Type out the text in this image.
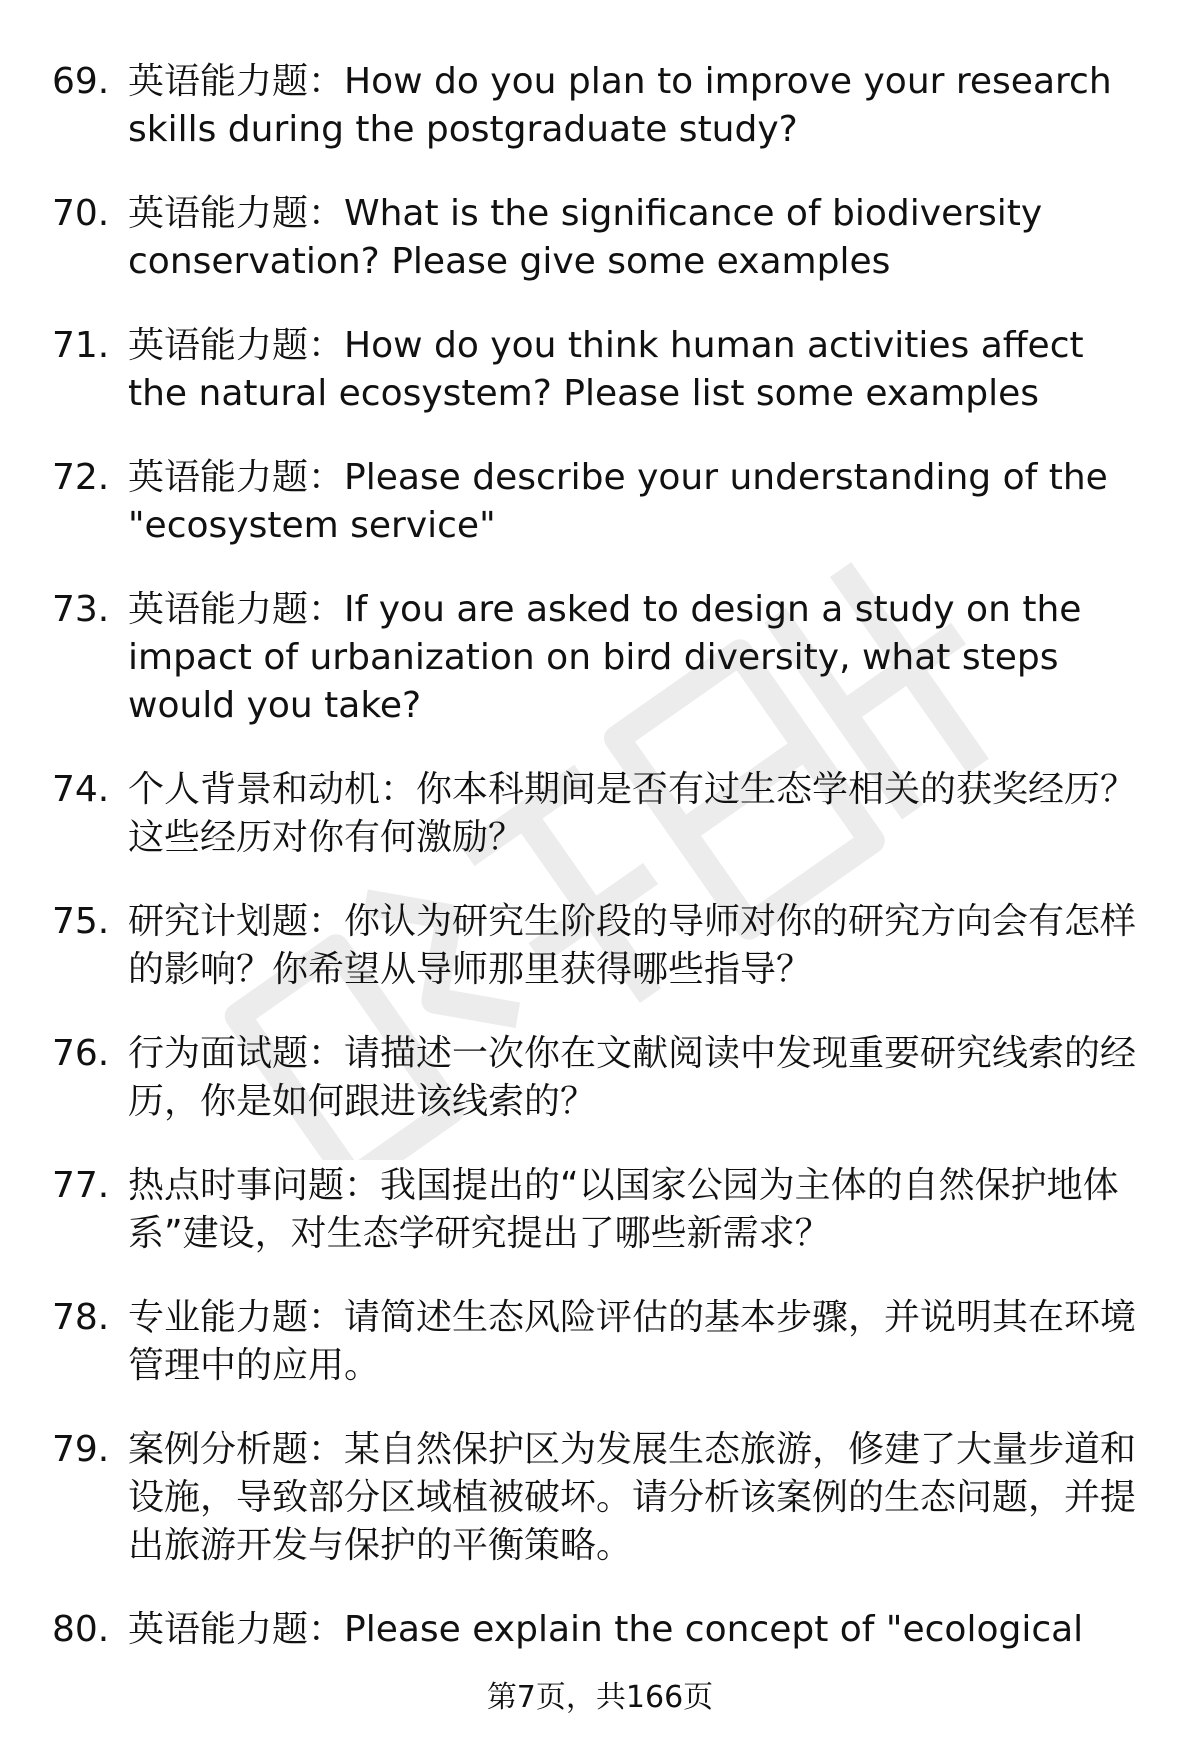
69. 英语能力题：How do you plan to improve your research skills during the postgraduate study?
70. 英语能力题：What is the significance of biodiversity conservation? Please give some examples
71. 英语能力题：How do you think human activities affect the natural ecosystem? Please list some examples
72. 英语能力题：Please describe your understanding of the "ecosystem service"
73. 英语能力题：If you are asked to design a study on the impact of urbanization on bird diversity, what steps would you take?
74. 个人背景和动机：你本科期间是否有过生态学相关的获奖经历？这些经历对你有何激励？
75. 研究计划题：你认为研究生阶段的导师对你的研究方向会有怎样的影响？你希望从导师那里获得哪些指导？
76. 行为面试题：请描述一次你在文献阅读中发现重要研究线索的经历，你是如何跟进该线索的？
77. 热点时事问题：我国提出的“以国家公园为主体的自然保护地体系”建设，对生态学研究提出了哪些新需求？
78. 专业能力题：请简述生态风险评估的基本步骤，并说明其在环境管理中的应用。
79. 案例分析题：某自然保护区为发展生态旅游，修建了大量步道和设施，导致部分区域植被破坏。请分析该案例的生态问题，并提出旅游开发与保护的平衡策略。
80. 英语能力题：Please explain the concept of "ecological
第7页，共166页
